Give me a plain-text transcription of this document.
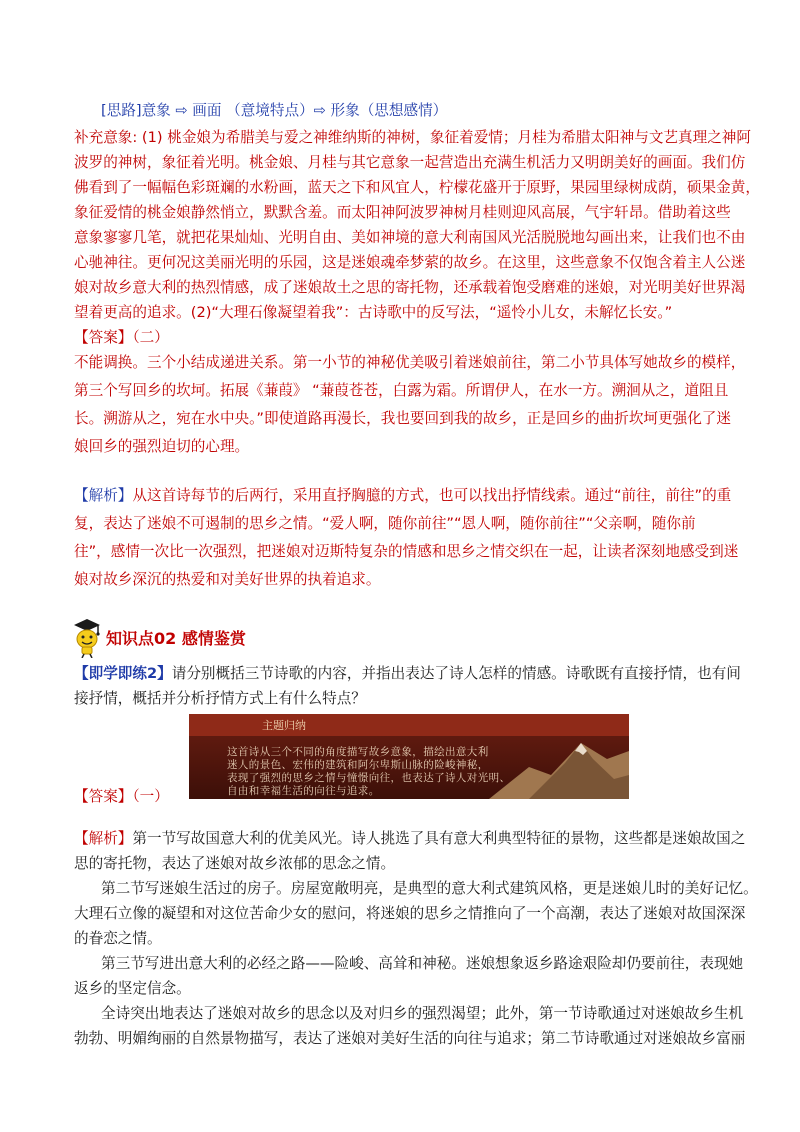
[思路]意象 ⇨ 画面 （意境特点）⇨ 形象（思想感情）
补充意象: (1) 桃金娘为希腊美与爱之神维纳斯的神树，象征着爱情；月桂为希腊太阳神与文艺真理之神阿
波罗的神树，象征着光明。桃金娘、月桂与其它意象一起营造出充满生机活力又明朗美好的画面。我们仿
佛看到了一幅幅色彩斑斓的水粉画，蓝天之下和风宜人，柠檬花盛开于原野，果园里绿树成荫，硕果金黄，
象征爱情的桃金娘静然悄立，默默含羞。而太阳神阿波罗神树月桂则迎风高展，气宇轩昂。借助着这些
意象寥寥几笔，就把花果灿灿、光明自由、美如神境的意大利南国风光活脱脱地勾画出来，让我们也不由
心驰神往。更何况这美丽光明的乐园，这是迷娘魂牵梦萦的故乡。在这里，这些意象不仅饱含着主人公迷
娘对故乡意大利的热烈情感，成了迷娘故土之思的寄托物，还承载着饱受磨难的迷娘，对光明美好世界渴
望着更高的追求。(2)“大理石像凝望着我”：古诗歌中的反写法，“遥怜小儿女，未解忆长安。”
【答案】（二）
不能调换。三个小结成递进关系。第一小节的神秘优美吸引着迷娘前往，第二小节具体写她故乡的模样，
第三个写回乡的坎坷。拓展《蒹葭》 “蒹葭苍苍，白露为霜。所谓伊人，在水一方。溯洄从之，道阻且
长。溯游从之，宛在水中央。”即使道路再漫长，我也要回到我的故乡，正是回乡的曲折坎坷更强化了迷
娘回乡的强烈迫切的心理。
【解析】从这首诗每节的后两行，采用直抒胸臆的方式，也可以找出抒情线索。通过“前往，前往”的重
复，表达了迷娘不可遏制的思乡之情。“爱人啊，随你前往”“恩人啊，随你前往”“父亲啊，随你前
往”，感情一次比一次强烈，把迷娘对迈斯特复杂的情感和思乡之情交织在一起，让读者深刻地感受到迷
娘对故乡深沉的热爱和对美好世界的执着追求。
知识点02 感情鉴赏
【即学即练2】请分别概括三节诗歌的内容，并指出表达了诗人怎样的情感。诗歌既有直接抒情，也有间
接抒情，概括并分析抒情方式上有什么特点？
主题归纳
这首诗从三个不同的角度描写故乡意象，描绘出意大利
迷人的景色、宏伟的建筑和阿尔卑斯山脉的险峻神秘，
表现了强烈的思乡之情与憧憬向往，也表达了诗人对光明、
自由和幸福生活的向往与追求。
【答案】（一）
【解析】第一节写故国意大利的优美风光。诗人挑选了具有意大利典型特征的景物，这些都是迷娘故国之
思的寄托物，表达了迷娘对故乡浓郁的思念之情。
第二节写迷娘生活过的房子。房屋宽敞明亮，是典型的意大利式建筑风格，更是迷娘儿时的美好记忆。
大理石立像的凝望和对这位苦命少女的慰问，将迷娘的思乡之情推向了一个高潮，表达了迷娘对故国深深
的眷恋之情。
第三节写进出意大利的必经之路——险峻、高耸和神秘。迷娘想象返乡路途艰险却仍要前往，表现她
返乡的坚定信念。
全诗突出地表达了迷娘对故乡的思念以及对归乡的强烈渴望；此外，第一节诗歌通过对迷娘故乡生机
勃勃、明媚绚丽的自然景物描写，表达了迷娘对美好生活的向往与追求；第二节诗歌通过对迷娘故乡富丽
